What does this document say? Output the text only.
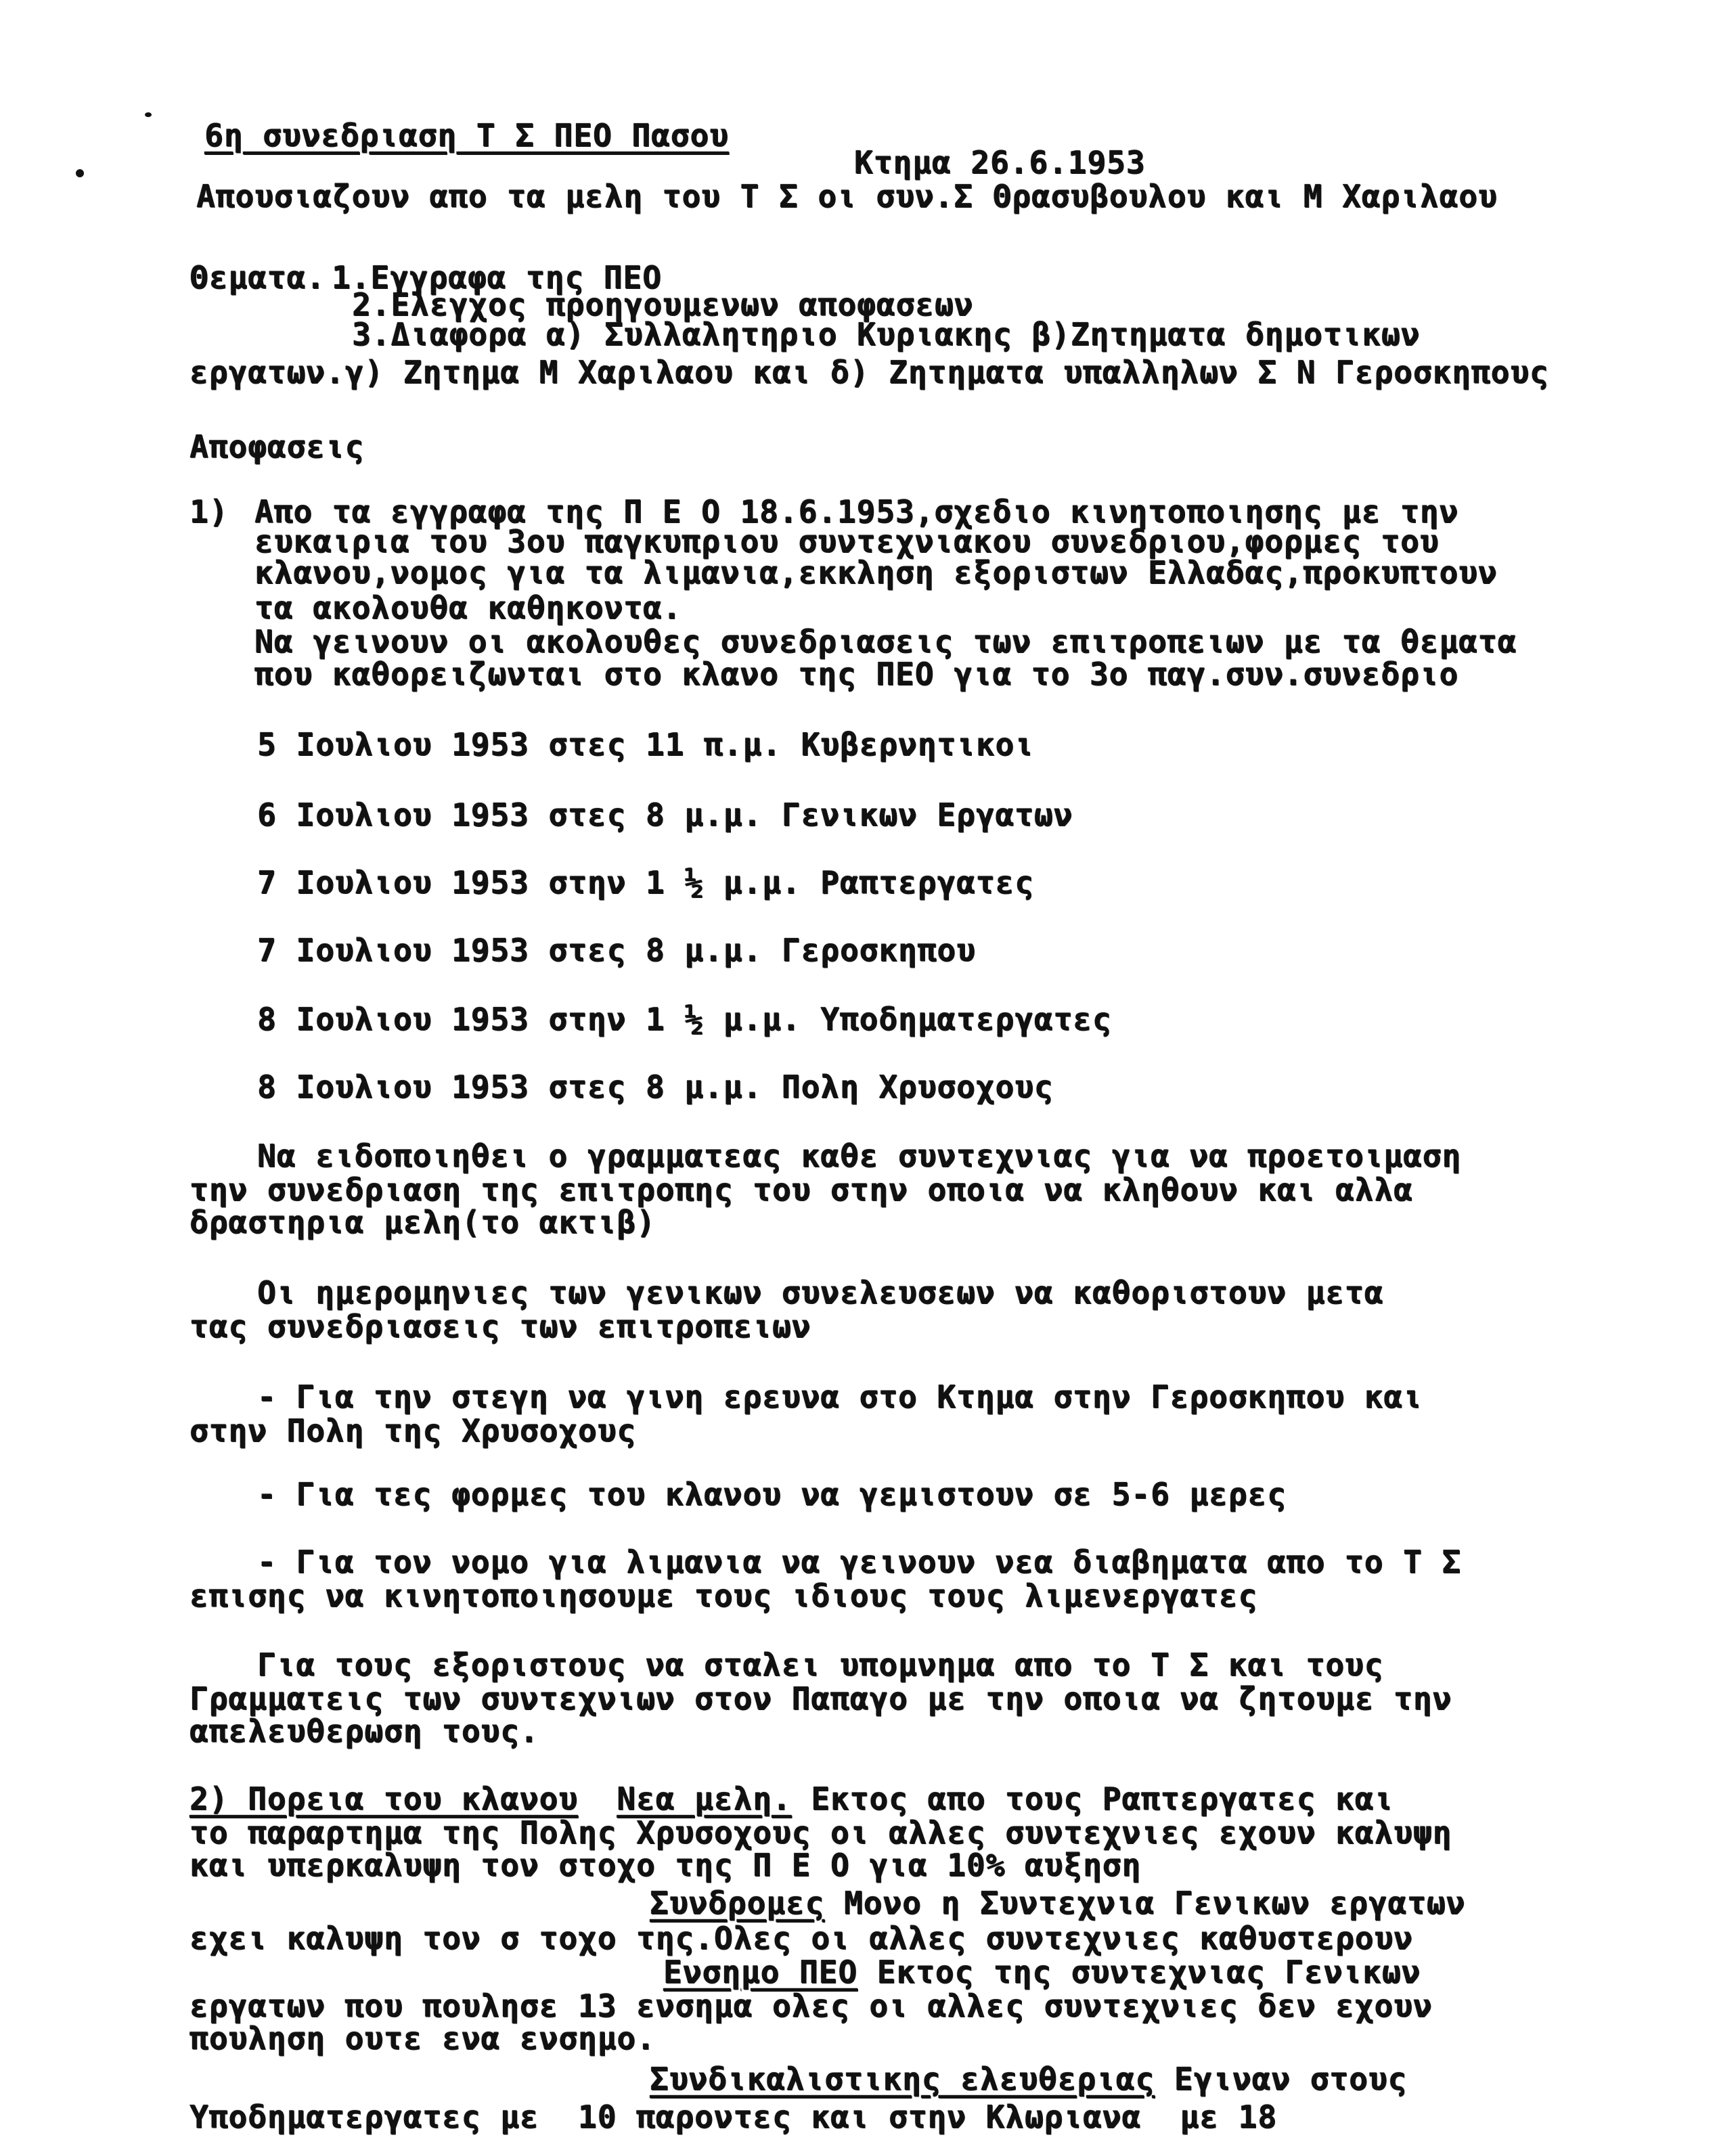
6η συνεδριαση Τ Σ ΠΕΟ Πασου
Κτημα 26.6.1953
Απουσιαζουν απο τα μελη του Τ Σ οι συν.Σ Θρασυβουλου και Μ Χαριλαου
Θεματα. 1.Εγγραφα της ΠΕΟ
2.Ελεγχος προηγουμενων αποφασεων
3.Διαφορα α) Συλλαλητηριο Κυριακης β)Ζητηματα δημοτικων
εργατων.γ) Ζητημα Μ Χαριλαου και δ) Ζητηματα υπαλληλων Σ Ν Γεροσκηπους
Αποφασεις
1) Απο τα εγγραφα της Π Ε Ο 18.6.1953,σχεδιο κινητοποιησης με την
ευκαιρια του 3ου παγκυπριου συντεχνιακου συνεδριου,φορμες του
κλανου,νομος για τα λιμανια,εκκληση εξοριστων Ελλαδας,προκυπτουν
τα ακολουθα καθηκοντα.
Να γεινουν οι ακολουθες συνεδριασεις των επιτροπειων με τα θεματα
που καθορειζωνται στο κλανο της ΠΕΟ για το 3ο παγ.συν.συνεδριο
5 Ιουλιου 1953 στες 11 π.μ. Κυβερνητικοι
6 Ιουλιου 1953 στες 8 μ.μ. Γενικων Εργατων
7 Ιουλιου 1953 στην 1 ½ μ.μ. Ραπτεργατες
7 Ιουλιου 1953 στες 8 μ.μ. Γεροσκηπου
8 Ιουλιου 1953 στην 1 ½ μ.μ. Υποδηματεργατες
8 Ιουλιου 1953 στες 8 μ.μ. Πολη Χρυσοχους
Να ειδοποιηθει ο γραμματεας καθε συντεχνιας για να προετοιμαση
την συνεδριαση της επιτροπης του στην οποια να κληθουν και αλλα
δραστηρια μελη(το ακτιβ)
Οι ημερομηνιες των γενικων συνελευσεων να καθοριστουν μετα
τας συνεδριασεις των επιτροπειων
- Για την στεγη να γινη ερευνα στο Κτημα στην Γεροσκηπου και
στην Πολη της Χρυσοχους
- Για τες φορμες του κλανου να γεμιστουν σε 5-6 μερες
- Για τον νομο για λιμανια να γεινουν νεα διαβηματα απο το Τ Σ
επισης να κινητοποιησουμε τους ιδιους τους λιμενεργατες
Για τους εξοριστους να σταλει υπομνημα απο το Τ Σ και τους
Γραμματεις των συντεχνιων στον Παπαγο με την οποια να ζητουμε την
απελευθερωση τους.
2) Πορεια του κλανου Νεα μελη. Εκτος απο τους Ραπτεργατες και
το παραρτημα της Πολης Χρυσοχους οι αλλες συντεχνιες εχουν καλυψη
και υπερκαλυψη τον στοχο της Π Ε Ο για 10% αυξηση
Συνδρομες Μονο η Συντεχνια Γενικων εργατων
εχει καλυψη τον σ τοχο της.Ολες οι αλλες συντεχνιες καθυστερουν
Ενσημο ΠΕΟ Εκτος της συντεχνιας Γενικων
εργατων που πουλησε 13 ενσημα ολες οι αλλες συντεχνιες δεν εχουν
πουληση ουτε ενα ενσημο.
Συνδικαλιστικης ελευθεριας Εγιναν στους
Υποδηματεργατες με  10 παροντες και στην Κλωριανα  με 18
